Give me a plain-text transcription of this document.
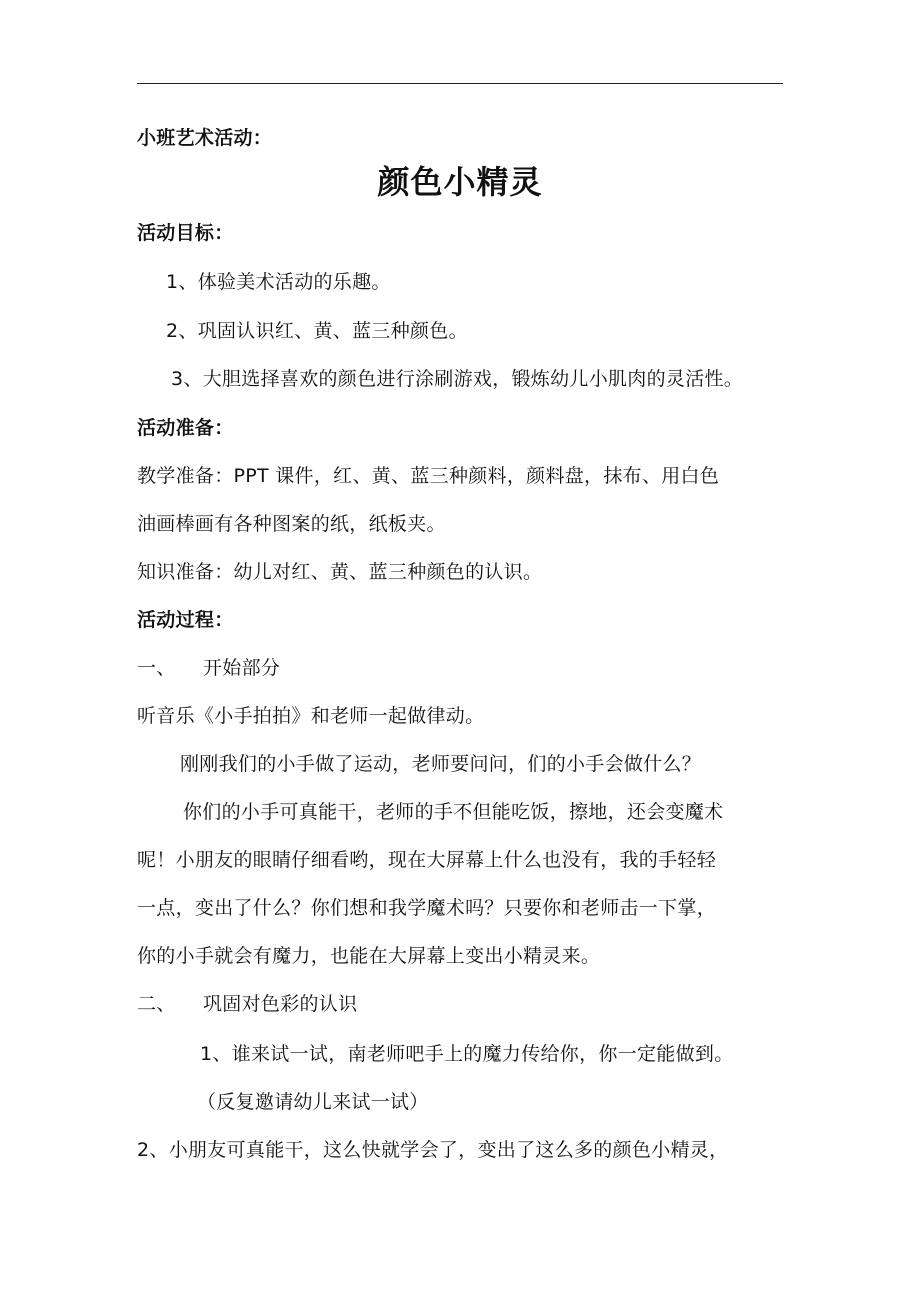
小班艺术活动：
颜色小精灵
活动目标：
1、体验美术活动的乐趣。
2、巩固认识红、黄、蓝三种颜色。
3、大胆选择喜欢的颜色进行涂刷游戏，锻炼幼儿小肌肉的灵活性。
活动准备：
教学准备：PPT 课件，红、黄、蓝三种颜料，颜料盘，抹布、用白色
油画棒画有各种图案的纸，纸板夹。
知识准备：幼儿对红、黄、蓝三种颜色的认识。
活动过程：
一、 开始部分
听音乐《小手拍拍》和老师一起做律动。
刚刚我们的小手做了运动，老师要问问，们的小手会做什么？
你们的小手可真能干，老师的手不但能吃饭，擦地，还会变魔术
呢！小朋友的眼睛仔细看哟，现在大屏幕上什么也没有，我的手轻轻
一点，变出了什么？你们想和我学魔术吗？只要你和老师击一下掌，
你的小手就会有魔力，也能在大屏幕上变出小精灵来。
二、 巩固对色彩的认识
1、谁来试一试，南老师吧手上的魔力传给你，你一定能做到。
（反复邀请幼儿来试一试）
2、小朋友可真能干，这么快就学会了，变出了这么多的颜色小精灵，
